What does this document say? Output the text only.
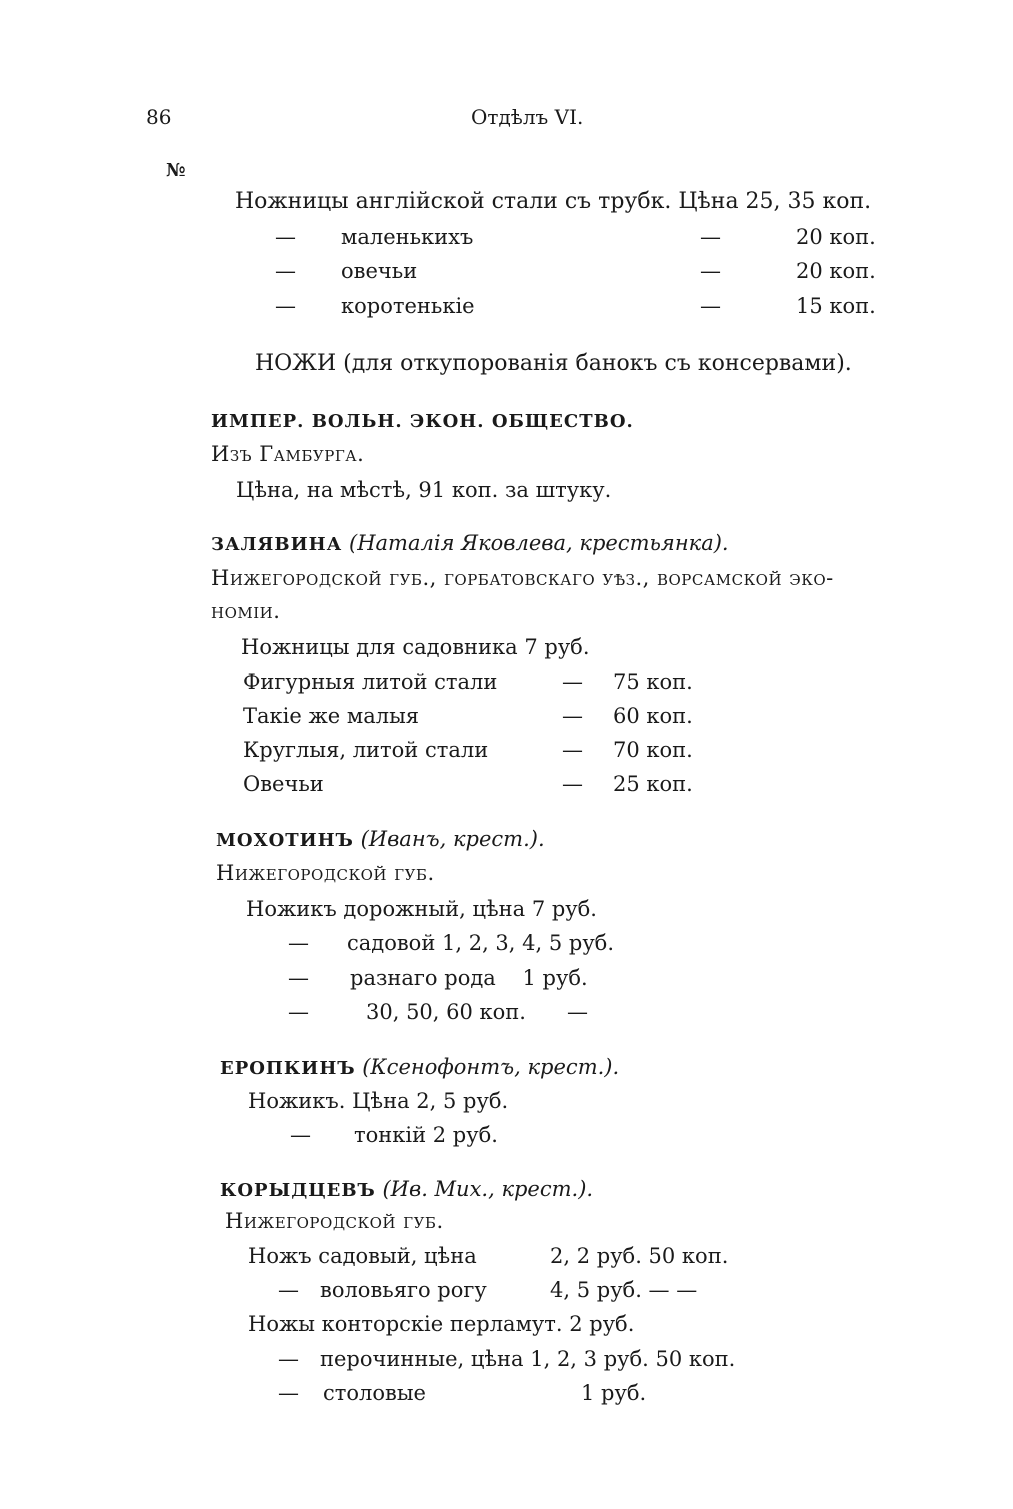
86	Отдѣлъ VI.
№
Ножницы англійской стали съ трубк. Цѣна 25, 35 коп.
— маленькихъ	—	20 коп.
— овечьи	—	20 коп.
— коротенькіе	—	15 коп.
НОЖИ (для откупорованія банокъ съ консервами).
ИМПЕР. ВОЛЬН. ЭКОН. ОБЩЕСТВО.
Изъ Гамбурга.
Цѣна, на мѣстѣ, 91 коп. за штуку.
ЗАЛЯВИНА (Наталія Яковлева, крестьянка).
Нижегородской губ., горбатовскаго уѣз., ворсамской эко-
номіи.
Ножницы для садовника 7 руб.
Фигурныя литой стали	— 75 коп.
Такіе же малыя	— 60 коп.
Круглыя, литой стали	— 70 коп.
Овечьи	— 25 коп.
МОХОТИНЪ (Иванъ, крест.).
Нижегородской губ.
Ножикъ дорожный, цѣна 7 руб.
— садовой 1, 2, 3, 4, 5 руб.
— разнаго рода    1 руб.
—	30, 50, 60 коп. —
ЕРОПКИНЪ (Ксенофонтъ, крест.).
Ножикъ. Цѣна 2, 5 руб.
— тонкій 2 руб.
КОРЫДЦЕВЪ (Ив. Мих., крест.).
Нижегородской губ.
Ножъ садовый, цѣна	2, 2 руб. 50 коп.
— воловьяго рогу	4, 5 руб. — —
Ножы конторскіе перламут. 2 руб.
— перочинные, цѣна 1, 2, 3 руб. 50 коп.
— столовые	1 руб.
